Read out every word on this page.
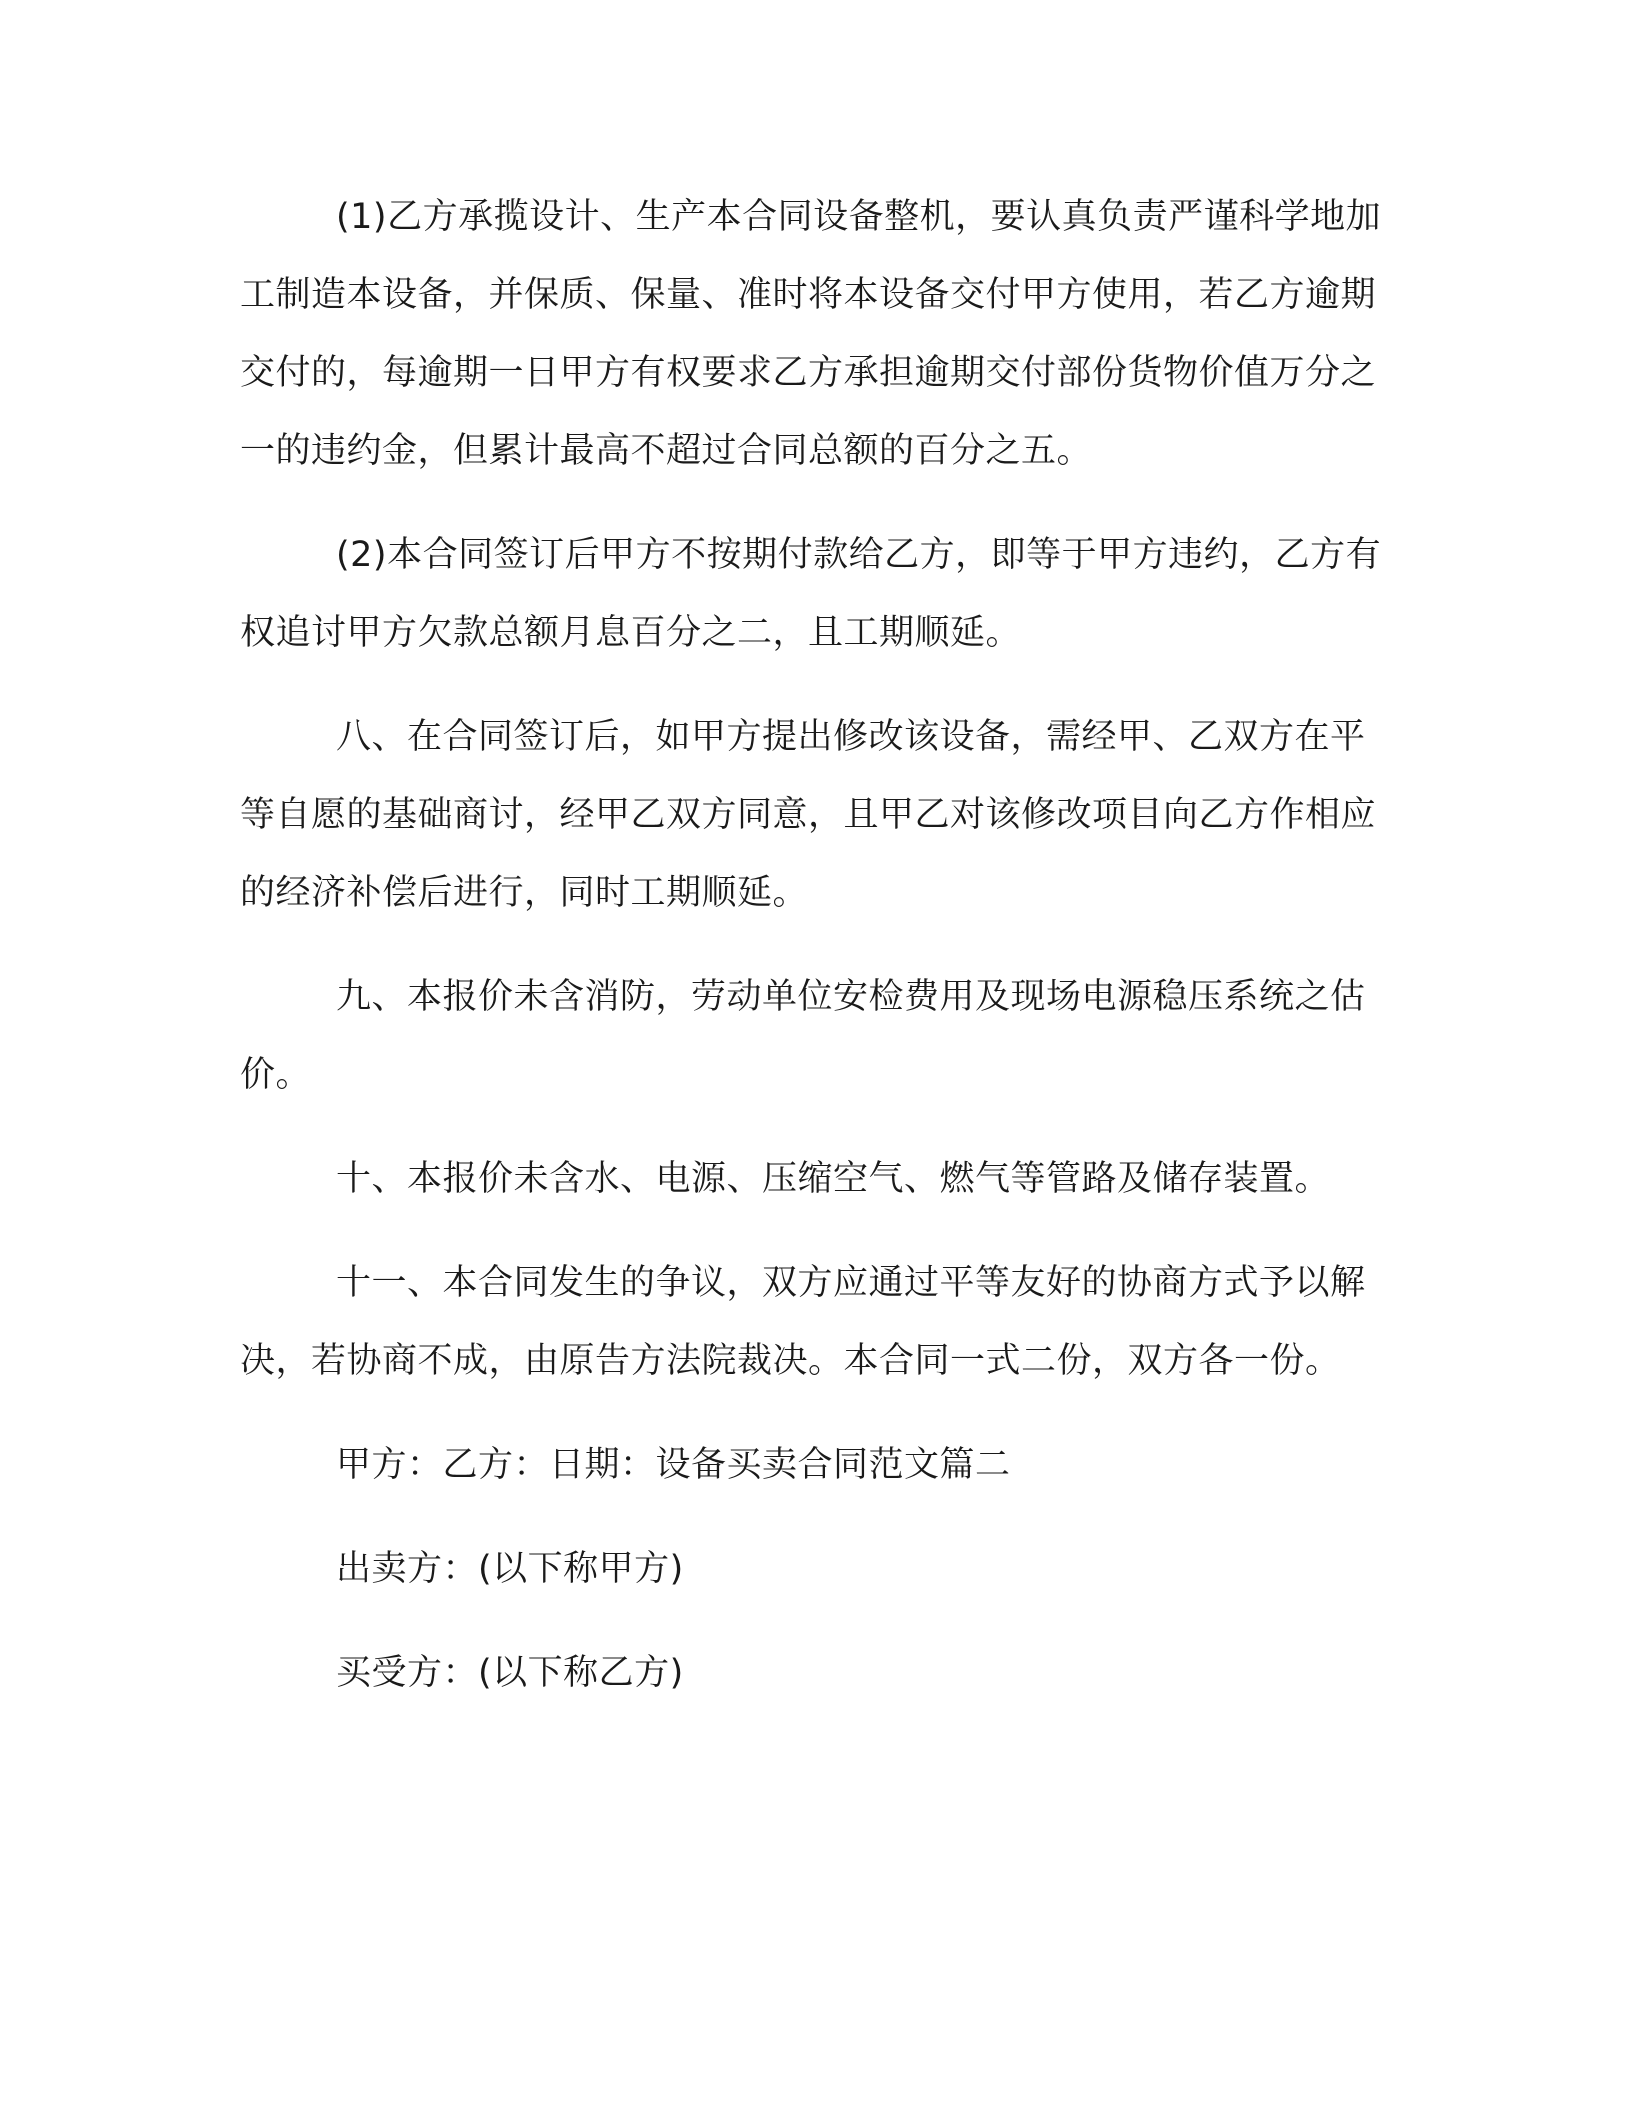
(1)乙方承揽设计、生产本合同设备整机，要认真负责严谨科学地加工制造本设备，并保质、保量、准时将本设备交付甲方使用，若乙方逾期交付的，每逾期一日甲方有权要求乙方承担逾期交付部份货物价值万分之一的违约金，但累计最高不超过合同总额的百分之五。

(2)本合同签订后甲方不按期付款给乙方，即等于甲方违约，乙方有权追讨甲方欠款总额月息百分之二，且工期顺延。

八、在合同签订后，如甲方提出修改该设备，需经甲、乙双方在平等自愿的基础商讨，经甲乙双方同意，且甲乙对该修改项目向乙方作相应的经济补偿后进行，同时工期顺延。

九、本报价未含消防，劳动单位安检费用及现场电源稳压系统之估价。

十、本报价未含水、电源、压缩空气、燃气等管路及储存装置。

十一、本合同发生的争议，双方应通过平等友好的协商方式予以解决，若协商不成，由原告方法院裁决。本合同一式二份，双方各一份。

甲方：乙方：日期：设备买卖合同范文篇二

出卖方：(以下称甲方)

买受方：(以下称乙方)
